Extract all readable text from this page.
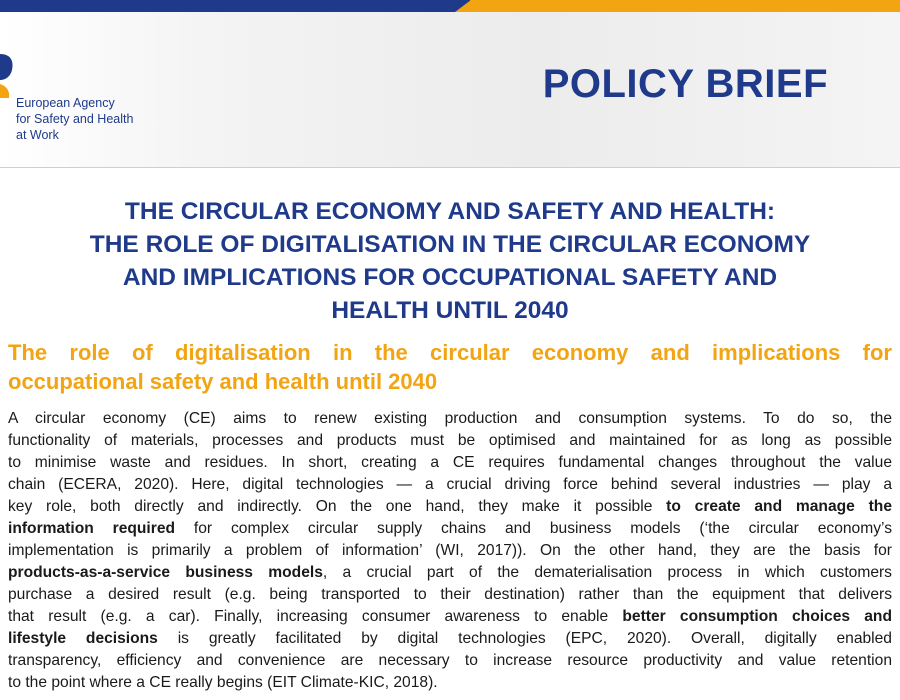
European Agency
for Safety and Health
at Work
POLICY BRIEF
THE CIRCULAR ECONOMY AND SAFETY AND HEALTH:
THE ROLE OF DIGITALISATION IN THE CIRCULAR ECONOMY
AND IMPLICATIONS FOR OCCUPATIONAL SAFETY AND
HEALTH UNTIL 2040
The role of digitalisation in the circular economy and implications for
occupational safety and health until 2040
A circular economy (CE) aims to renew existing production and consumption systems. To do so, the
functionality of materials, processes and products must be optimised and maintained for as long as possible
to minimise waste and residues. In short, creating a CE requires fundamental changes throughout the value
chain (ECERA, 2020). Here, digital technologies — a crucial driving force behind several industries — play a
key role, both directly and indirectly. On the one hand, they make it possible to create and manage the
information required for complex circular supply chains and business models (‘the circular economy’s
implementation is primarily a problem of information’ (WI, 2017)). On the other hand, they are the basis for
products-as-a-service business models, a crucial part of the dematerialisation process in which customers
purchase a desired result (e.g. being transported to their destination) rather than the equipment that delivers
that result (e.g. a car). Finally, increasing consumer awareness to enable better consumption choices and
lifestyle decisions is greatly facilitated by digital technologies (EPC, 2020). Overall, digitally enabled
transparency, efficiency and convenience are necessary to increase resource productivity and value retention
to the point where a CE really begins (EIT Climate-KIC, 2018).
